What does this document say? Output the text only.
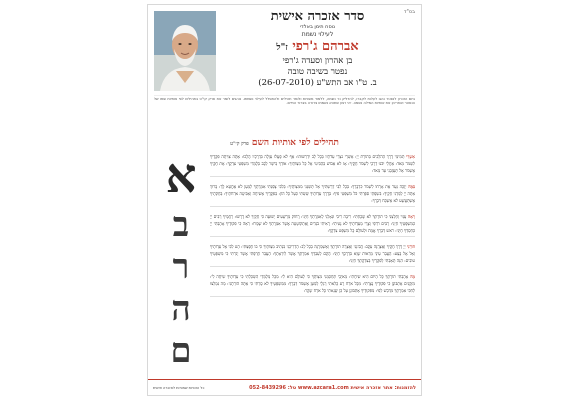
בס"ד
סדר אזכרה אישית
נוסח תימן באלדי
לעילוי נשמת
אברהם ג'רפי ז"ל
בן אהרון וסעדה ג'רפי
נפטר בשיבה טובה
ב. ט"ו אב התש"ע (26-07-2010)
ביום הזכרון לנפטר נהגו לעלות לקברו, להדליק נר נשמה, ללמוד משניות ולומר תהילים ולהתפלל לעילוי נשמתו. נוהגים לומר את פרק קי"ט בתהילים לפי אותיות שמו של הנפטר ואחריהן את אותיות המילה נשמה. יהי רצון שתהא נשמתו צרורה בצרור החיים.
תהילים לפי אותיות השם פרק קי"ט
א
ב
ר
ה
ם
אַשְׁרֵי תְמִימֵי דָרֶךְ הַהֹלְכִים בְּתוֹרַת יְיָ: אַשְׁרֵי נֹצְרֵי עֵדֹתָיו בְּכָל לֵב יִדְרְשׁוּהוּ: אַף לֹא פָעֲלוּ עַוְלָה בִּדְרָכָיו הָלָכוּ: אַתָּה צִוִּיתָה פִקֻּדֶיךָ לִשְׁמֹר מְאֹד: אַחֲלַי יִכֹּנוּ דְרָכָי לִשְׁמֹר חֻקֶּיךָ: אָז לֹא אֵבוֹשׁ בְּהַבִּיטִי אֶל כָּל מִצְוֹתֶיךָ: אוֹדְךָ בְּיֹשֶׁר לֵבָב בְּלָמְדִי מִשְׁפְּטֵי צִדְקֶךָ: אֶת חֻקֶּיךָ אֶשְׁמֹר אַל תַּעַזְבֵנִי עַד מְאֹד:
בַּמֶּה יְזַכֶּה נַּעַר אֶת אָרְחוֹ לִשְׁמֹר כִּדְבָרֶךָ: בְּכָל לִבִּי דְרַשְׁתִּיךָ אַל תַּשְׁגֵּנִי מִמִּצְוֹתֶיךָ: בְּלִבִּי צָפַנְתִּי אִמְרָתֶךָ לְמַעַן לֹא אֶחֱטָא לָךְ: בָּרוּךְ אַתָּה יְיָ לַמְּדֵנִי חֻקֶּיךָ: בִּשְׂפָתַי סִפַּרְתִּי כֹּל מִשְׁפְּטֵי פִיךָ: בְּדֶרֶךְ עֵדְוֹתֶיךָ שַׂשְׂתִּי כְּעַל כָּל הוֹן: בְּפִקֻּדֶיךָ אָשִׂיחָה וְאַבִּיטָה אֹרְחֹתֶיךָ: בְּחֻקֹּתֶיךָ אֶשְׁתַּעֲשָׁע לֹא אֶשְׁכַּח דְּבָרֶךָ:
רְאֵה עָנְיִי וְחַלְּצֵנִי כִּי תוֹרָתְךָ לֹא שָׁכָחְתִּי: רִיבָה רִיבִי וּגְאָלֵנִי לְאִמְרָתְךָ חַיֵּנִי: רָחוֹק מֵרְשָׁעִים יְשׁוּעָה כִּי חֻקֶּיךָ לֹא דָרָשׁוּ: רַחֲמֶיךָ רַבִּים יְיָ כְּמִשְׁפָּטֶיךָ חַיֵּנִי: רַבִּים רֹדְפַי וְצָרָי מֵעֵדְוֹתֶיךָ לֹא נָטִיתִי: רָאִיתִי בֹגְדִים וָאֶתְקוֹטָטָה אֲשֶׁר אִמְרָתְךָ לֹא שָׁמָרוּ: רְאֵה כִּי פִקּוּדֶיךָ אָהָבְתִּי יְיָ כְּחַסְדְּךָ חַיֵּנִי: רֹאשׁ דְּבָרְךָ אֱמֶת וּלְעוֹלָם כָּל מִשְׁפַּט צִדְקֶךָ:
הוֹרֵנִי יְיָ דֶּרֶךְ חֻקֶּיךָ וְאֶצְּרֶנָּה עֵקֶב: הֲבִינֵנִי וְאֶצְּרָה תוֹרָתֶךָ וְאֶשְׁמְרֶנָּה בְכָל לֵב: הַדְרִיכֵנִי בִּנְתִיב מִצְוֹתֶיךָ כִּי בוֹ חָפָצְתִּי: הַט לִבִּי אֶל עֵדְוֹתֶיךָ וְאַל אֶל בָּצַע: הַעֲבֵר עֵינַי מֵרְאוֹת שָׁוְא בִּדְרָכֶךָ חַיֵּנִי: הָקֵם לְעַבְדְּךָ אִמְרָתֶךָ אֲשֶׁר לְיִרְאָתֶךָ: הַעֲבֵר חֶרְפָּתִי אֲשֶׁר יָגֹרְתִּי כִּי מִשְׁפָּטֶיךָ טוֹבִים: הִנֵּה תָּאַבְתִּי לְפִקֻּדֶיךָ בְּצִדְקָתְךָ חַיֵּנִי:
מָה אָהַבְתִּי תוֹרָתֶךָ כָּל הַיּוֹם הִיא שִׂיחָתִי: מֵאֹיְבַי תְּחַכְּמֵנִי מִצְוֹתֶךָ כִּי לְעוֹלָם הִיא לִי: מִכָּל מְלַמְּדַי הִשְׂכַּלְתִּי כִּי עֵדְוֹתֶיךָ שִׂיחָה לִי: מִזְּקֵנִים אֶתְבּוֹנָן כִּי פִקּוּדֶיךָ נָצָרְתִּי: מִכָּל אֹרַח רָע כָּלִאתִי רַגְלָי לְמַעַן אֶשְׁמֹר דְּבָרֶךָ: מִמִּשְׁפָּטֶיךָ לֹא סָרְתִּי כִּי אַתָּה הוֹרֵתָנִי: מַה נִּמְלְצוּ לְחִכִּי אִמְרָתֶךָ מִדְּבַשׁ לְפִי: מִפִּקּוּדֶיךָ אֶתְבּוֹנָן עַל כֵּן שָׂנֵאתִי כָּל אֹרַח שָׁקֶר:
להזמנות: אתר אזכרה אישית www.azcara1.com טל: 052-8439296
כל הזכויות שמורות לאזכרה אישית
